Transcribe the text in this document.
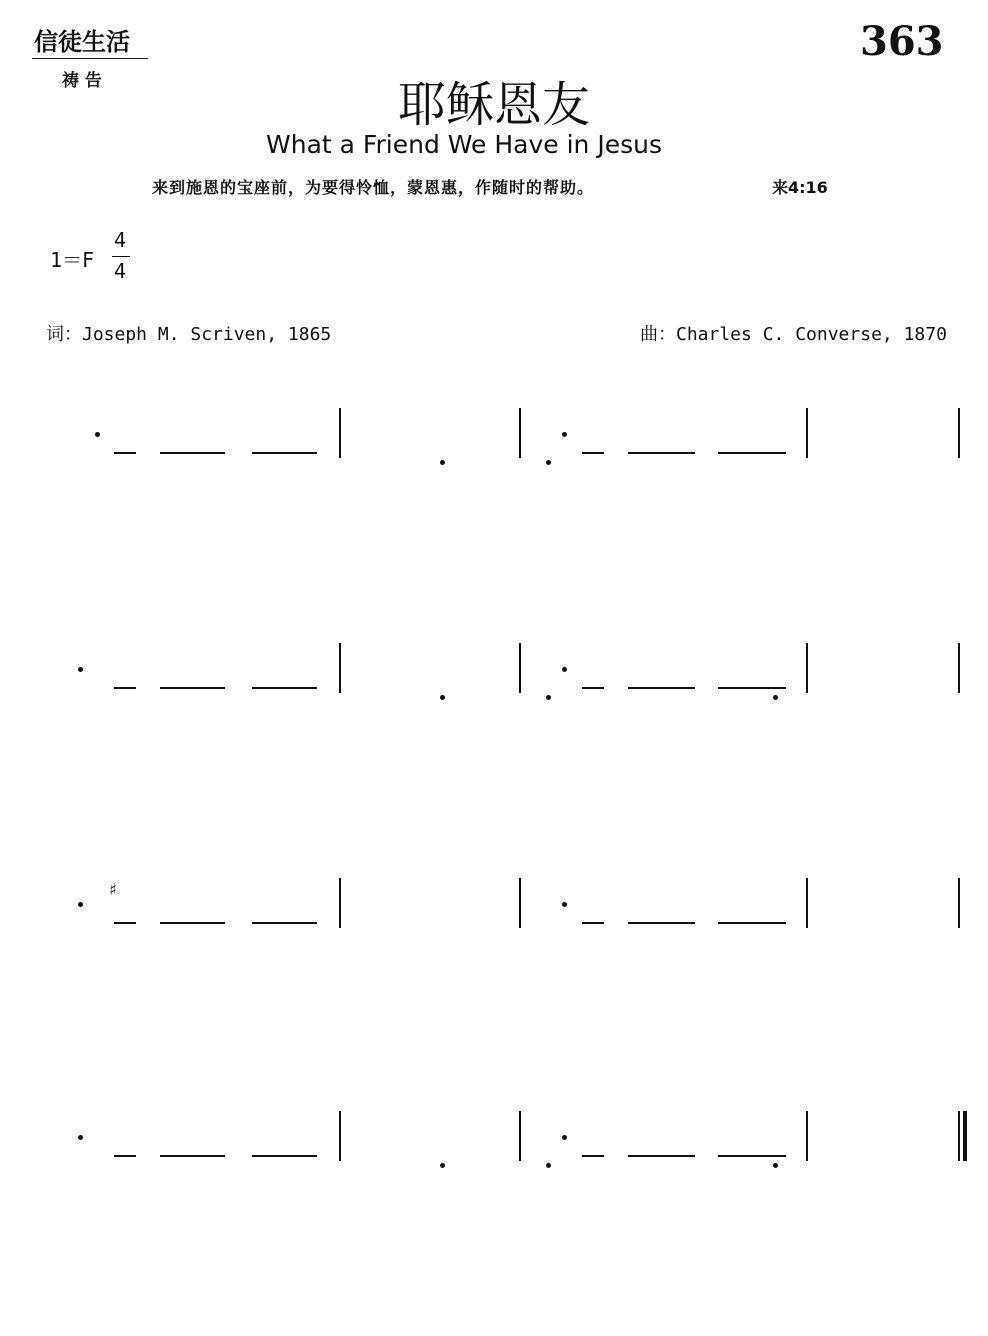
信徒生活
祷 告
363
耶稣恩友
What a Friend We Have in Jesus
来到施恩的宝座前，为要得怜恤，蒙恩惠，作随时的帮助。	来4:16
1＝F
4
4
词：Joseph M. Scriven, 1865	曲：Charles C. Converse, 1870
♯
